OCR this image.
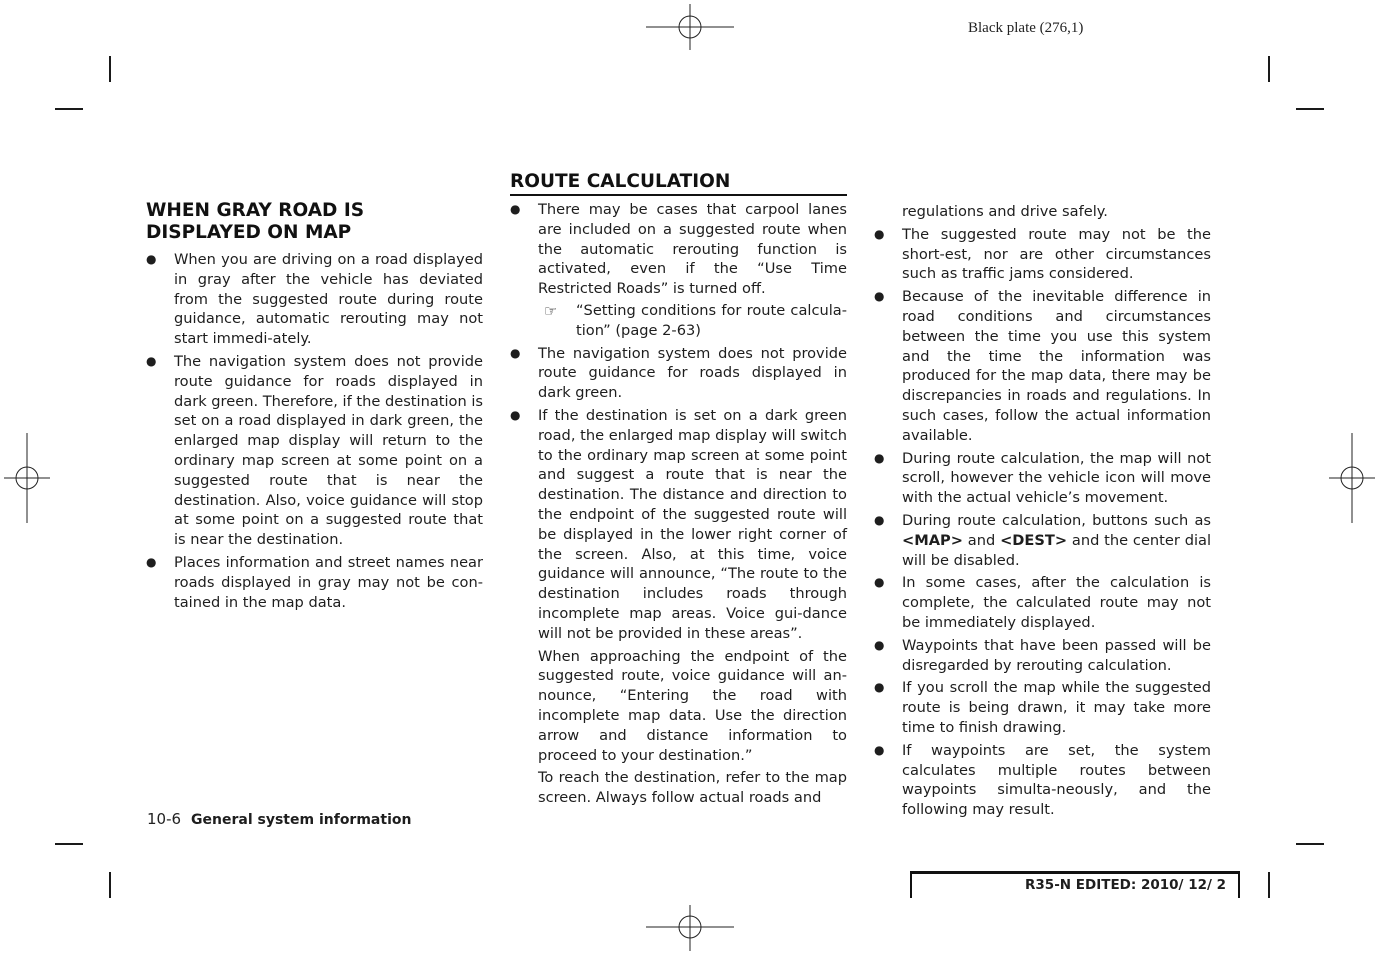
Black plate (276,1)
WHEN GRAY ROAD IS DISPLAYED ON MAP
● When you are driving on a road displayed in gray after the vehicle has deviated from the suggested route during route guidance, automatic rerouting may not start immedi-ately.
● The navigation system does not provide route guidance for roads displayed in dark green. Therefore, if the destination is set on a road displayed in dark green, the enlarged map display will return to the ordinary map screen at some point on a suggested route that is near the destination. Also, voice guidance will stop at some point on a suggested route that is near the destination.
● Places information and street names near roads displayed in gray may not be con-tained in the map data.
ROUTE CALCULATION
● There may be cases that carpool lanes are included on a suggested route when the automatic rerouting function is activated, even if the “Use Time Restricted Roads” is turned off.
☞ “Setting conditions for route calcula-tion” (page 2-63)
● The navigation system does not provide route guidance for roads displayed in dark green.
● If the destination is set on a dark green road, the enlarged map display will switch to the ordinary map screen at some point and suggest a route that is near the destination. The distance and direction to the endpoint of the suggested route will be displayed in the lower right corner of the screen. Also, at this time, voice guidance will announce, “The route to the destination includes roads through incomplete map areas. Voice gui-dance will not be provided in these areas”.

When approaching the endpoint of the suggested route, voice guidance will an-nounce, “Entering the road with incomplete map data. Use the direction arrow and distance information to proceed to your destination.”

To reach the destination, refer to the map screen. Always follow actual roads and

regulations and drive safely.

● The suggested route may not be the short-est, nor are other circumstances such as traffic jams considered.
● Because of the inevitable difference in road conditions and circumstances between the time you use this system and the time the information was produced for the map data, there may be discrepancies in roads and regulations. In such cases, follow the actual information available.
● During route calculation, the map will not scroll, however the vehicle icon will move with the actual vehicle’s movement.
● During route calculation, buttons such as <MAP> and <DEST> and the center dial will be disabled.
● In some cases, after the calculation is complete, the calculated route may not be immediately displayed.
● Waypoints that have been passed will be disregarded by rerouting calculation.
● If you scroll the map while the suggested route is being drawn, it may take more time to finish drawing.
● If waypoints are set, the system calculates multiple routes between waypoints simulta-neously, and the following may result.
10-6 General system information
R35-N EDITED: 2010/ 12/ 2
